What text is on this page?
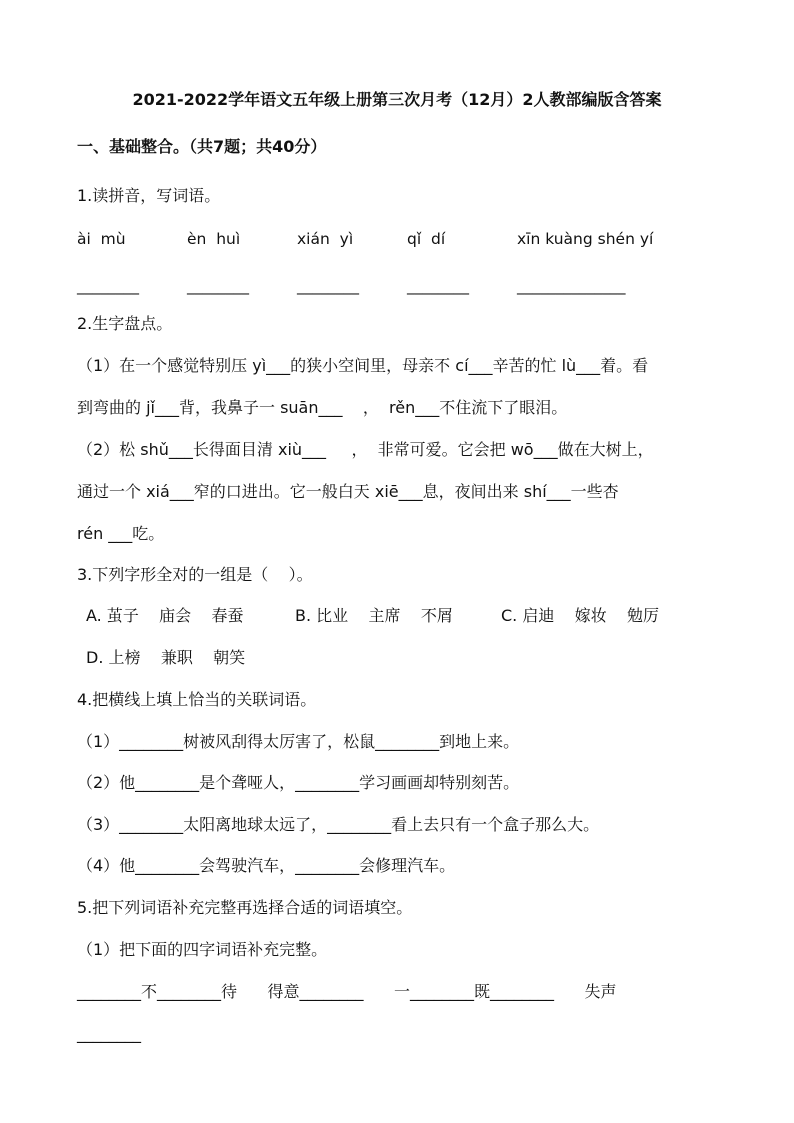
2021-2022学年语文五年级上册第三次月考（12月）2人教部编版含答案
一、基础整合。（共7题；共40分）
1.读拼音，写词语。
ài  mù	èn  huì	xián  yì	qǐ  dí	xīn kuàng shén yí
________	________	________	________	______________
2.生字盘点。
（1）在一个感觉特别压 yì___的狭小空间里，母亲不 cí___辛苦的忙 lù___着。看
到弯曲的 jǐ___背，我鼻子一 suān___    ，  rěn___不住流下了眼泪。
（2）松 shǔ___长得面目清 xiù___     ，  非常可爱。它会把 wō___做在大树上，
通过一个 xiá___窄的口进出。它一般白天 xiē___息，夜间出来 shí___一些杏
rén ___吃。
3.下列字形全对的一组是（    ）。
A. 茧子    庙会    春蚕	B. 比业    主席    不屑	C. 启迪    嫁妆    勉厉
D. 上榜    兼职    朝笑
4.把横线上填上恰当的关联词语。
（1）________树被风刮得太厉害了，松鼠________到地上来。
（2）他________是个聋哑人，________学习画画却特别刻苦。
（3）________太阳离地球太远了，________看上去只有一个盒子那么大。
（4）他________会驾驶汽车，________会修理汽车。
5.把下列词语补充完整再选择合适的词语填空。
（1）把下面的四字词语补充完整。
________不________待      得意________      一________既________      失声
________
